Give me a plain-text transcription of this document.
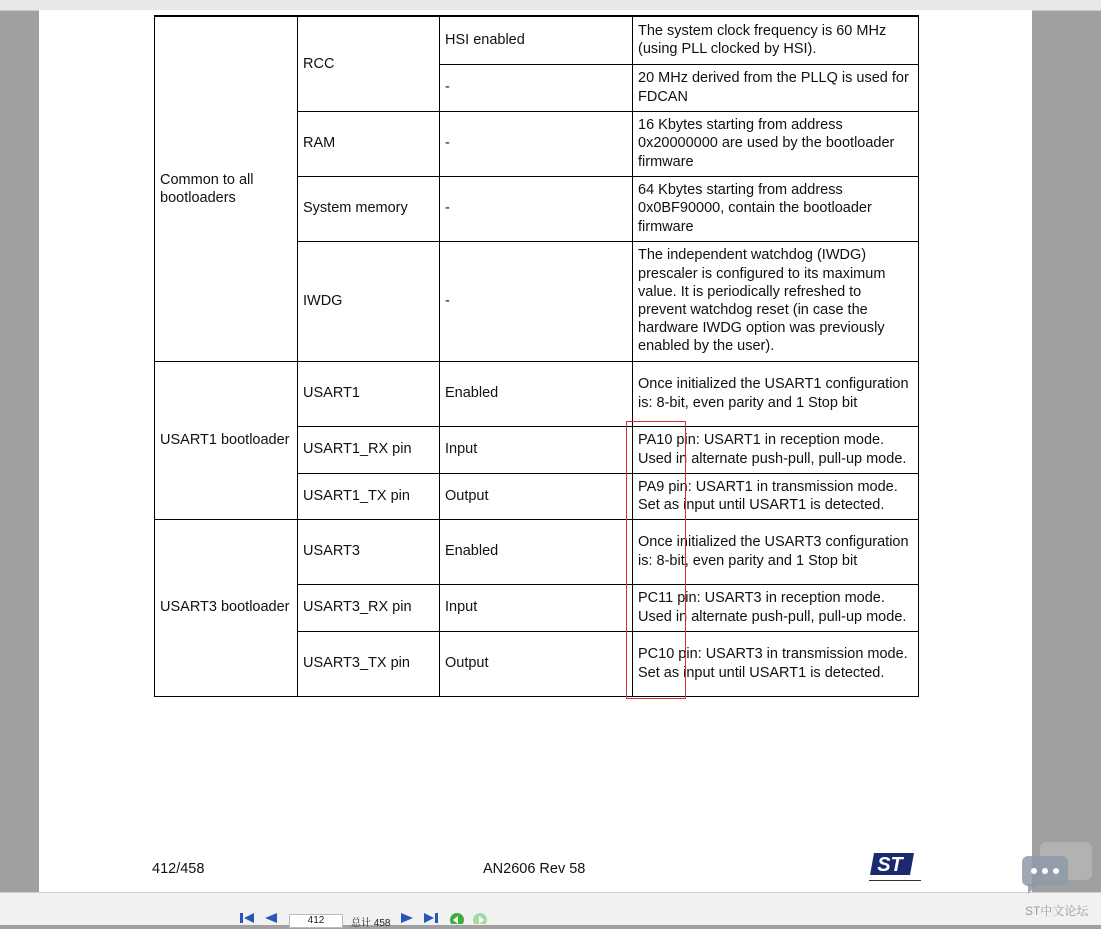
Common to all bootloaders	RCC	HSI enabled	The system clock frequency is 60 MHz (using PLL clocked by HSI).
		-	20 MHz derived from the PLLQ is used for FDCAN
	RAM	-	16 Kbytes starting from address 0x20000000 are used by the bootloader firmware
	System memory	-	64 Kbytes starting from address 0x0BF90000, contain the bootloader firmware
	IWDG	-	The independent watchdog (IWDG) prescaler is configured to its maximum value. It is periodically refreshed to prevent watchdog reset (in case the hardware IWDG option was previously enabled by the user).
USART1 bootloader	USART1	Enabled	Once initialized the USART1 configuration is: 8-bit, even parity and 1 Stop bit
	USART1_RX pin	Input	PA10 pin: USART1 in reception mode. Used in alternate push-pull, pull-up mode.
	USART1_TX pin	Output	PA9 pin: USART1 in transmission mode. Set as input until USART1 is detected.
USART3 bootloader	USART3	Enabled	Once initialized the USART3 configuration is: 8-bit, even parity and 1 Stop bit
	USART3_RX pin	Input	PC11 pin: USART3 in reception mode. Used in alternate push-pull, pull-up mode.
	USART3_TX pin	Output	PC10 pin: USART3 in transmission mode. Set as input until USART1 is detected.
412/458	AN2606 Rev 58	ST
412	总计 458
ST中文论坛
